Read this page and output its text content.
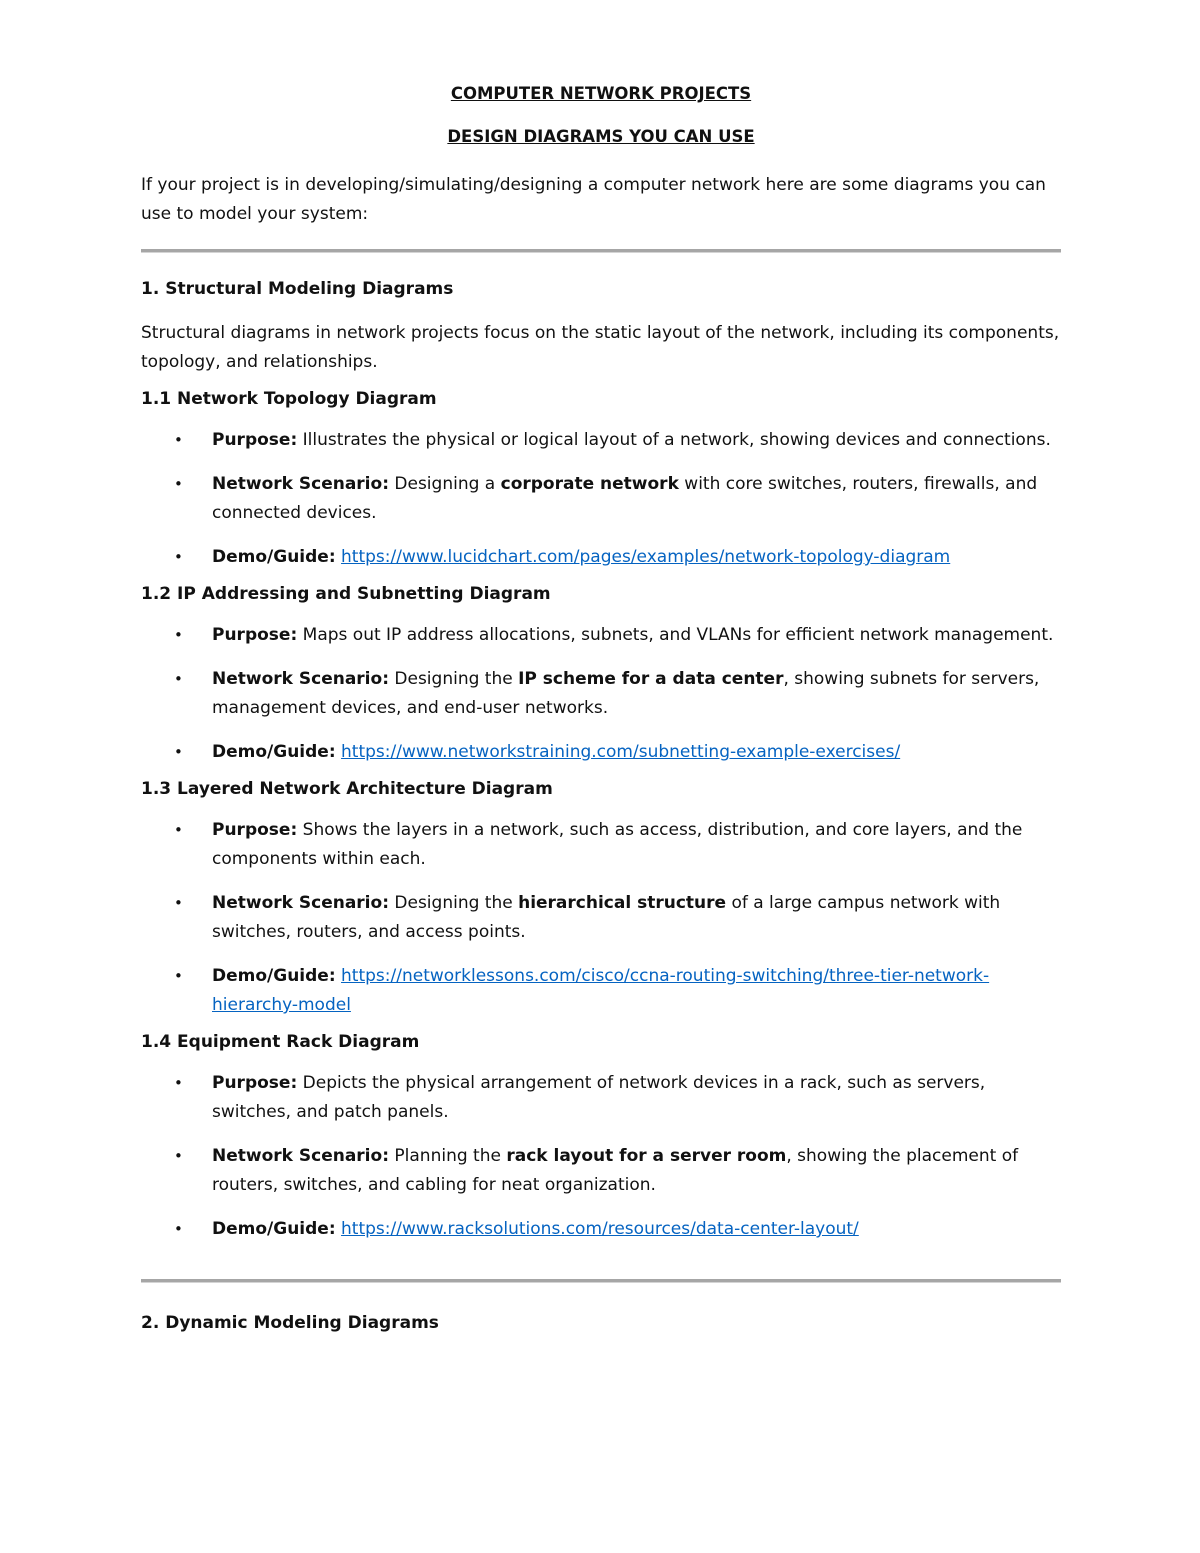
COMPUTER NETWORK PROJECTS

DESIGN DIAGRAMS YOU CAN USE

If your project is in developing/simulating/designing a computer network here are some diagrams you can use to model your system:

1. Structural Modeling Diagrams

Structural diagrams in network projects focus on the static layout of the network, including its components, topology, and relationships.

1.1 Network Topology Diagram
• Purpose: Illustrates the physical or logical layout of a network, showing devices and connections.
• Network Scenario: Designing a corporate network with core switches, routers, firewalls, and connected devices.
• Demo/Guide: https://www.lucidchart.com/pages/examples/network-topology-diagram
1.2 IP Addressing and Subnetting Diagram
• Purpose: Maps out IP address allocations, subnets, and VLANs for efficient network management.
• Network Scenario: Designing the IP scheme for a data center, showing subnets for servers, management devices, and end-user networks.
• Demo/Guide: https://www.networkstraining.com/subnetting-example-exercises/
1.3 Layered Network Architecture Diagram
• Purpose: Shows the layers in a network, such as access, distribution, and core layers, and the components within each.
• Network Scenario: Designing the hierarchical structure of a large campus network with switches, routers, and access points.
• Demo/Guide: https://networklessons.com/cisco/ccna-routing-switching/three-tier-network-hierarchy-model
1.4 Equipment Rack Diagram
• Purpose: Depicts the physical arrangement of network devices in a rack, such as servers, switches, and patch panels.
• Network Scenario: Planning the rack layout for a server room, showing the placement of routers, switches, and cabling for neat organization.
• Demo/Guide: https://www.racksolutions.com/resources/data-center-layout/
2. Dynamic Modeling Diagrams
